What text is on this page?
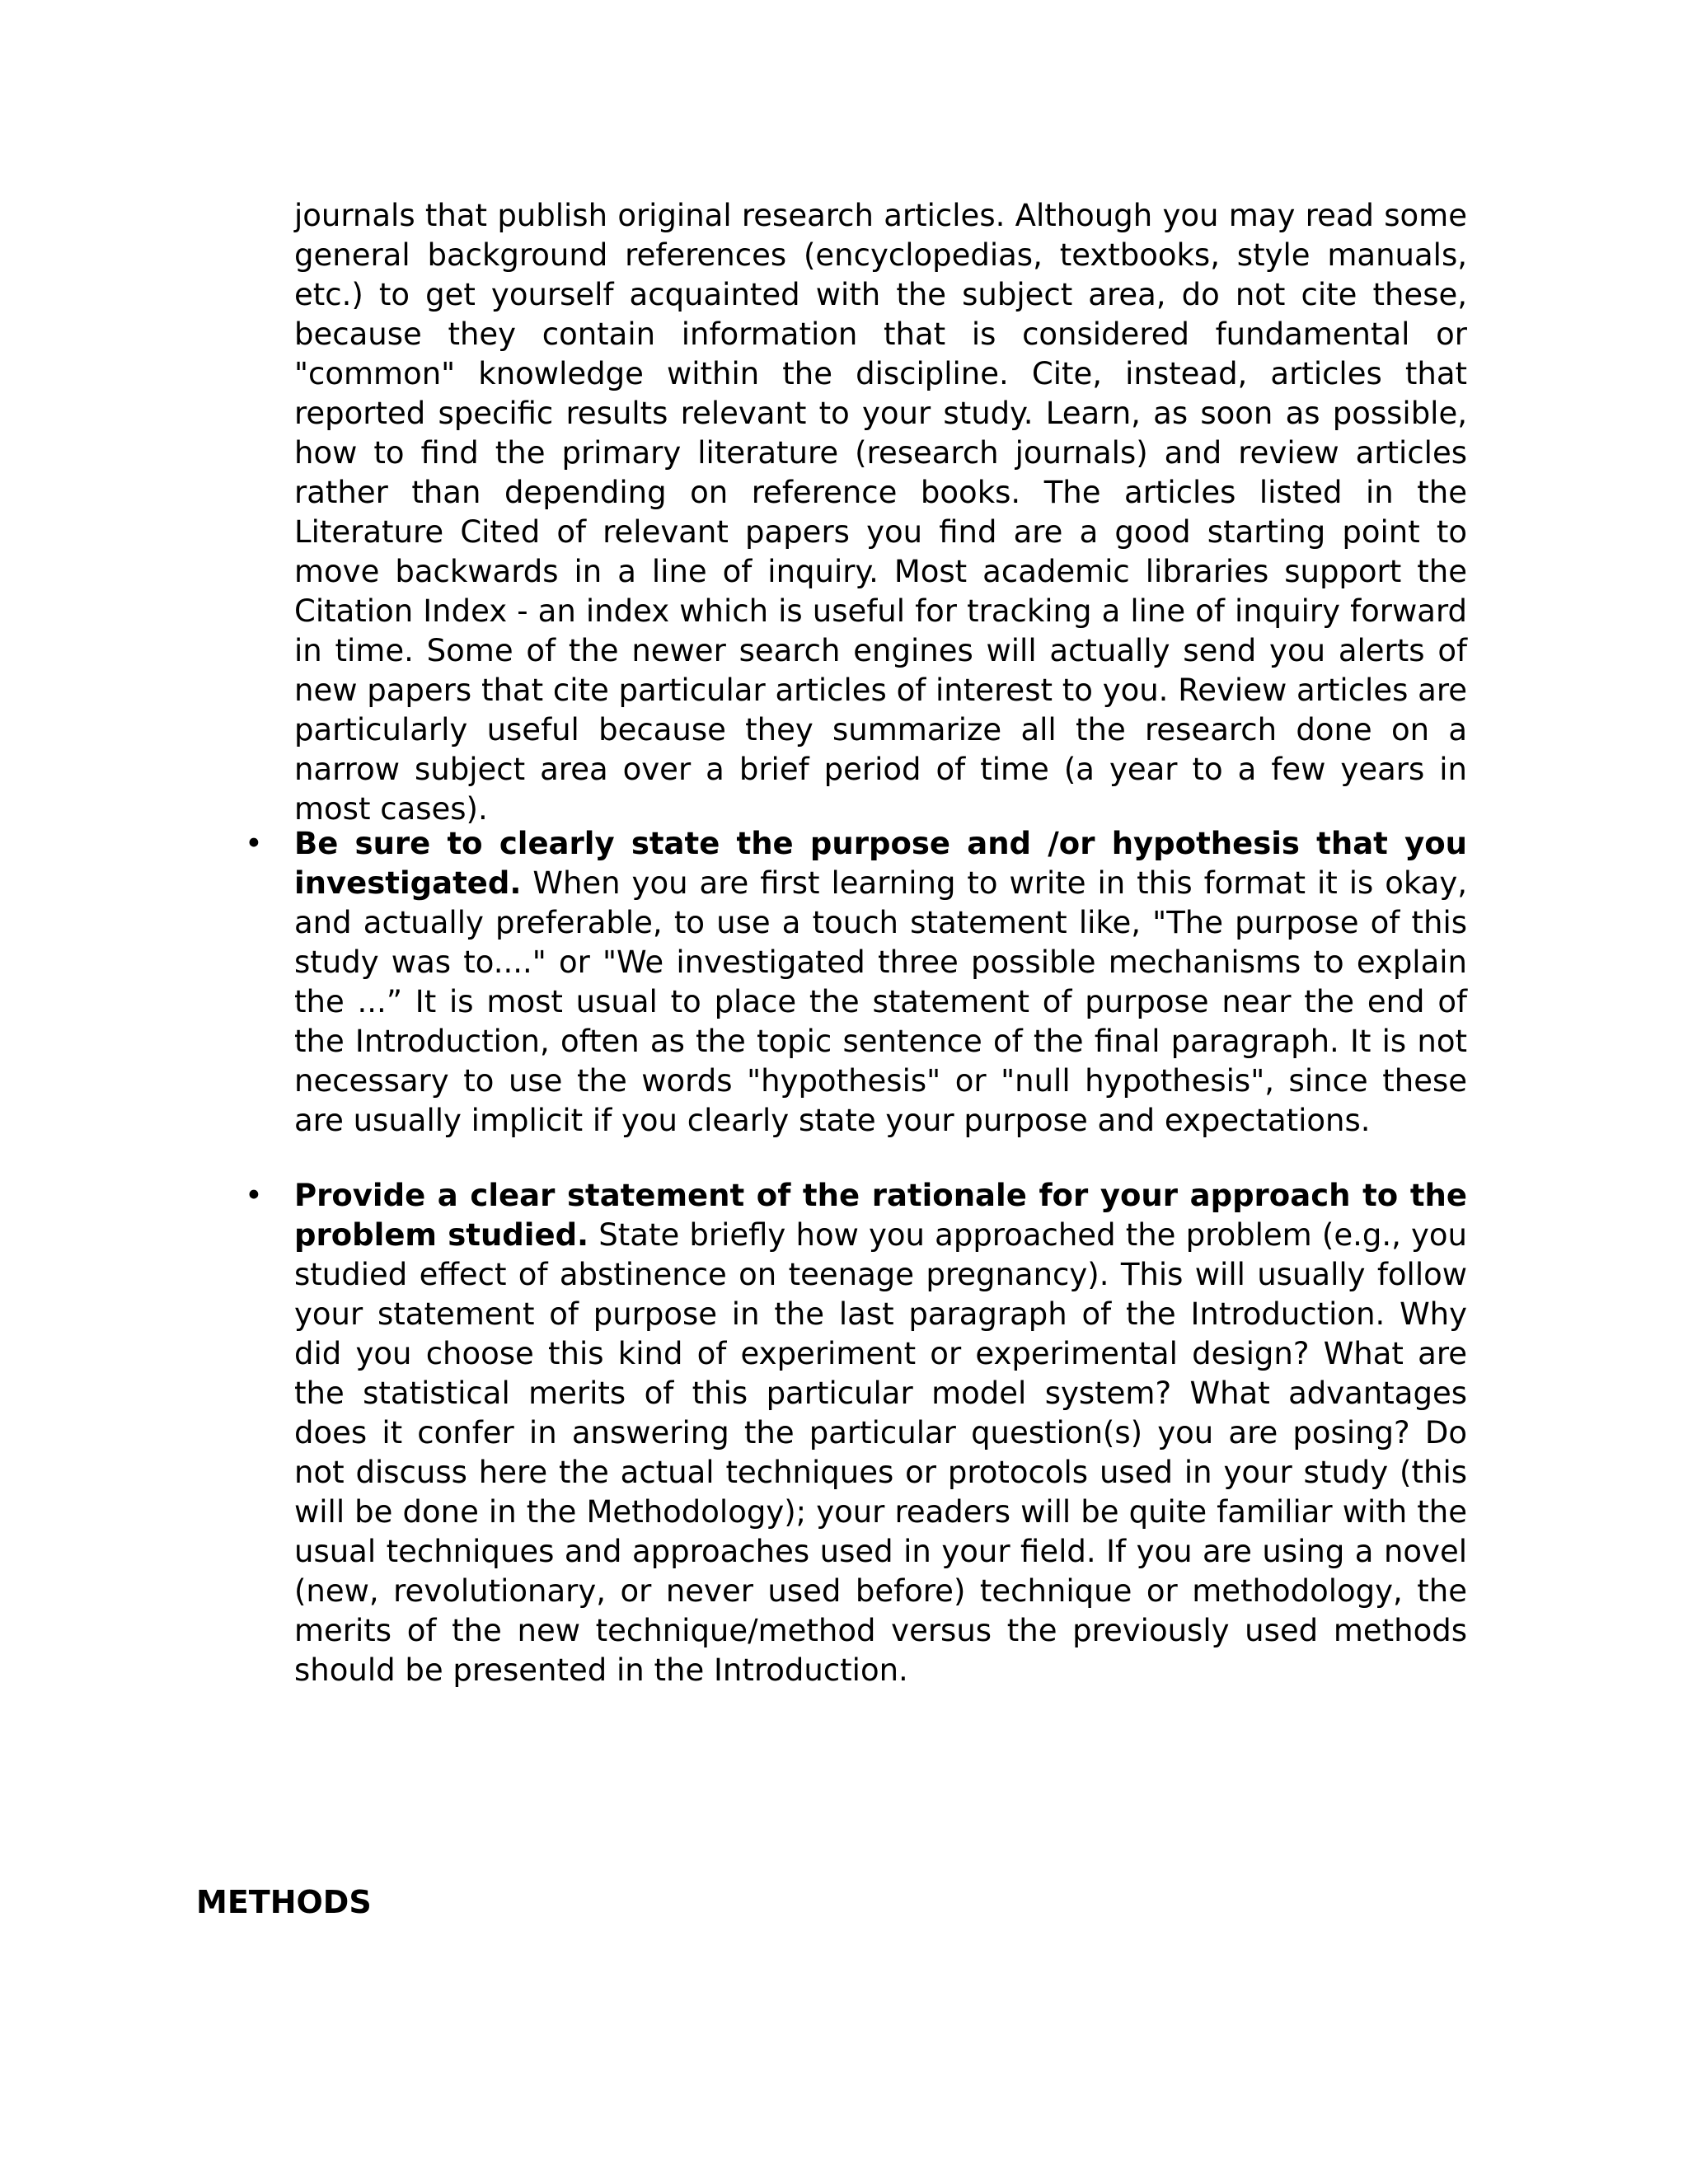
journals that publish original research articles. Although you may read some general background references (encyclopedias, textbooks, style manuals, etc.) to get yourself acquainted with the subject area, do not cite these, because they contain information that is considered fundamental or "common" knowledge within the discipline. Cite, instead, articles that reported specific results relevant to your study. Learn, as soon as possible, how to find the primary literature (research journals) and review articles rather than depending on reference books. The articles listed in the Literature Cited of relevant papers you find are a good starting point to move backwards in a line of inquiry. Most academic libraries support the Citation Index - an index which is useful for tracking a line of inquiry forward in time. Some of the newer search engines will actually send you alerts of new papers that cite particular articles of interest to you. Review articles are particularly useful because they summarize all the research done on a narrow subject area over a brief period of time (a year to a few years in most cases).

• Be sure to clearly state the purpose and /or hypothesis that you investigated. When you are first learning to write in this format it is okay, and actually preferable, to use a touch statement like, "The purpose of this study was to...." or "We investigated three possible mechanisms to explain the ...” It is most usual to place the statement of purpose near the end of the Introduction, often as the topic sentence of the final paragraph. It is not necessary to use the words "hypothesis" or "null hypothesis", since these are usually implicit if you clearly state your purpose and expectations.
• Provide a clear statement of the rationale for your approach to the problem studied. State briefly how you approached the problem (e.g., you studied effect of abstinence on teenage pregnancy). This will usually follow your statement of purpose in the last paragraph of the Introduction. Why did you choose this kind of experiment or experimental design? What are the statistical merits of this particular model system? What advantages does it confer in answering the particular question(s) you are posing? Do not discuss here the actual techniques or protocols used in your study (this will be done in the Methodology); your readers will be quite familiar with the usual techniques and approaches used in your field. If you are using a novel (new, revolutionary, or never used before) technique or methodology, the merits of the new technique/method versus the previously used methods should be presented in the Introduction.
METHODS
